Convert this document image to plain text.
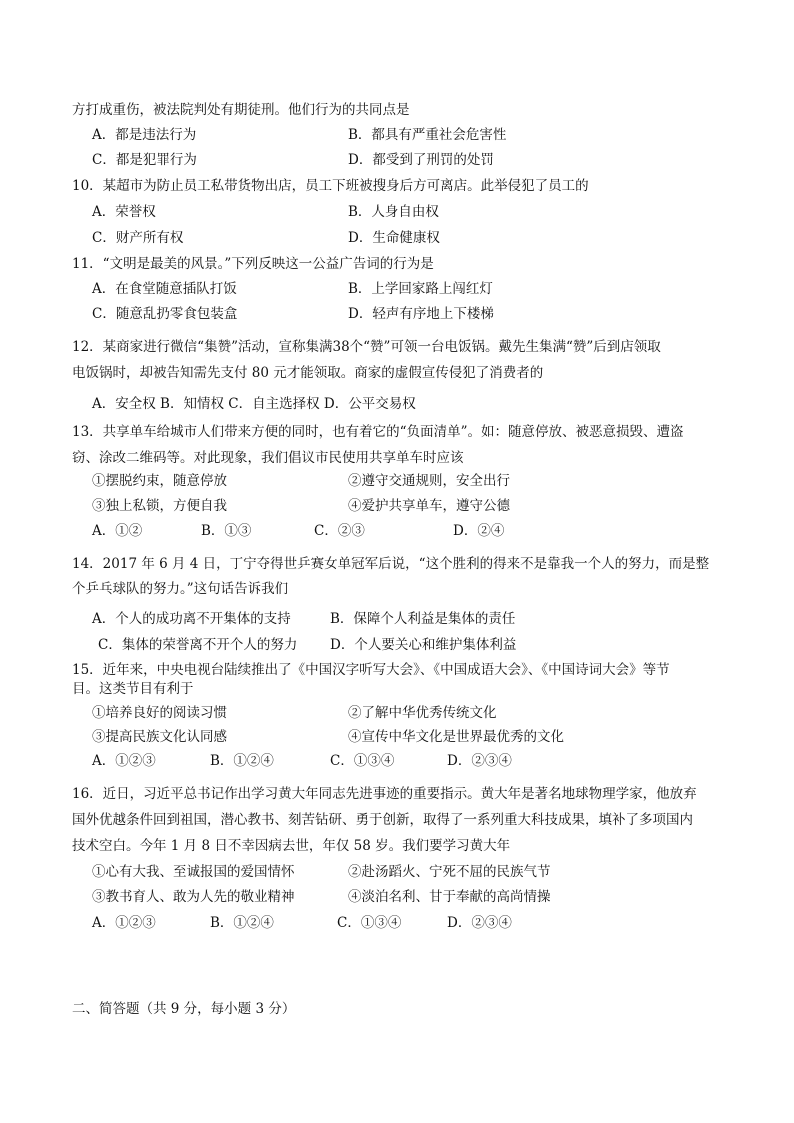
方打成重伤，被法院判处有期徒刑。他们行为的共同点是
A．都是违法行为	B．都具有严重社会危害性
C．都是犯罪行为	D．都受到了刑罚的处罚
10．某超市为防止员工私带货物出店，员工下班被搜身后方可离店。此举侵犯了员工的
A．荣誉权	B．人身自由权
C．财产所有权	D．生命健康权
11．“文明是最美的风景。”下列反映这一公益广告词的行为是
A．在食堂随意插队打饭	B．上学回家路上闯红灯
C．随意乱扔零食包装盒	D．轻声有序地上下楼梯
12．某商家进行微信“集赞”活动，宣称集满38个“赞”可领一台电饭锅。戴先生集满“赞”后到店领取
电饭锅时，却被告知需先支付 80 元才能领取。商家的虚假宣传侵犯了消费者的
A．安全权 B．知情权 C．自主选择权 D．公平交易权
13．共享单车给城市人们带来方便的同时，也有着它的“负面清单”。如：随意停放、被恶意损毁、遭盗
窃、涂改二维码等。对此现象，我们倡议市民使用共享单车时应该
①摆脱约束，随意停放	②遵守交通规则，安全出行
③独上私锁，方便自我	④爱护共享单车，遵守公德
A．①②	B．①③	C．②③	D．②④
14．2017 年 6 月 4 日，丁宁夺得世乒赛女单冠军后说，“这个胜利的得来不是靠我一个人的努力，而是整
个乒乓球队的努力。”这句话告诉我们
A．个人的成功离不开集体的支持	B．保障个人利益是集体的责任
C．集体的荣誉离不开个人的努力 D．个人要关心和维护集体利益
15．近年来，中央电视台陆续推出了《中国汉字听写大会》、《中国成语大会》、《中国诗词大会》等节
目。这类节目有利于
①培养良好的阅读习惯	②了解中华优秀传统文化
③提高民族文化认同感	④宣传中华文化是世界最优秀的文化
A．①②③	B．①②④	C．①③④	D．②③④
16．近日，习近平总书记作出学习黄大年同志先进事迹的重要指示。黄大年是著名地球物理学家，他放弃
国外优越条件回到祖国，潜心教书、刻苦钻研、勇于创新，取得了一系列重大科技成果，填补了多项国内
技术空白。今年 1 月 8 日不幸因病去世，年仅 58 岁。我们要学习黄大年
①心有大我、至诚报国的爱国情怀	②赴汤蹈火、宁死不屈的民族气节
③教书育人、敢为人先的敬业精神	④淡泊名利、甘于奉献的高尚情操
A．①②③	B．①②④	C．①③④	D．②③④
二、简答题（共 9 分，每小题 3 分）
